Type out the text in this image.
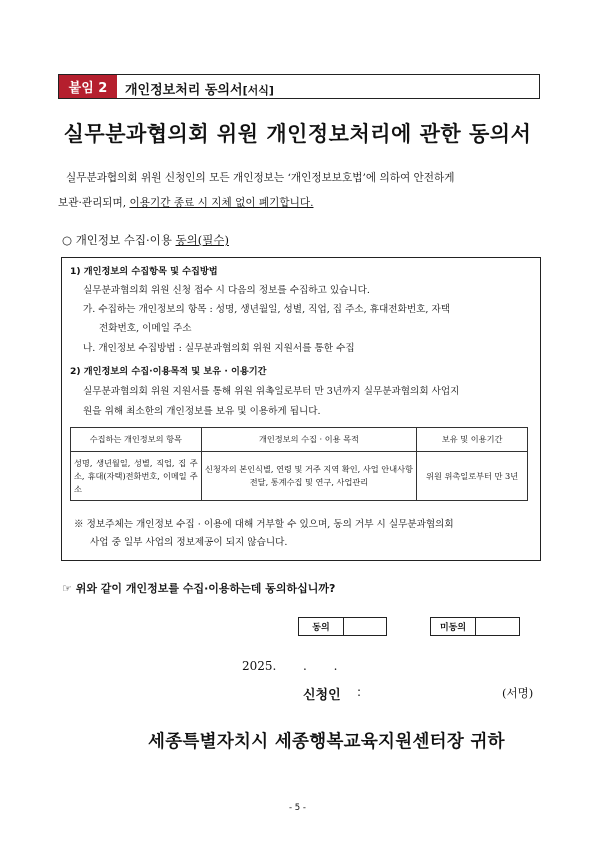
붙임 2	개인정보처리 동의서 [서식]
실무분과협의회 위원 개인정보처리에 관한 동의서
실무분과협의회 위원 신청인의 모든 개인정보는 ‘개인정보보호법’에 의하여 안전하게
보관·관리되며, 이용기간 종료 시 지체 없이 폐기합니다.
○ 개인정보 수집·이용 동의(필수)
1) 개인정보의 수집항목 및 수집방법
실무분과협의회 위원 신청 접수 시 다음의 정보를 수집하고 있습니다.
가. 수집하는 개인정보의 항목 : 성명, 생년월일, 성별, 직업, 집 주소, 휴대전화번호, 자택
전화번호, 이메일 주소
나. 개인정보 수집방법 : 실무분과협의회 위원 지원서를 통한 수집
2) 개인정보의 수집·이용목적 및 보유 · 이용기간
실무분과협의회 위원 지원서를 통해 위원 위촉일로부터 만 3년까지 실무분과협의회 사업지
원을 위해 최소한의 개인정보를 보유 및 이용하게 됩니다.
수집하는 개인정보의 항목	개인정보의 수집 · 이용 목적	보유 및 이용기간
성명, 생년월일, 성별, 직업, 집 주소, 휴대(자택)전화번호, 이메일 주소	신청자의 본인식별, 연령 및 거주 지역 확인, 사업 안내사항 전달, 통계수집 및 연구, 사업관리	위원 위촉일로부터 만 3년
※ 정보주체는 개인정보 수집 · 이용에 대해 거부할 수 있으며, 동의 거부 시 실무분과협의회
사업 중 일부 사업의 정보제공이 되지 않습니다.
☞ 위와 같이 개인정보를 수집·이용하는데 동의하십니까?
동의	미동의
2025.       .       .
신청인 :	(서명)
세종특별자치시 세종행복교육지원센터장 귀하
- 5 -
